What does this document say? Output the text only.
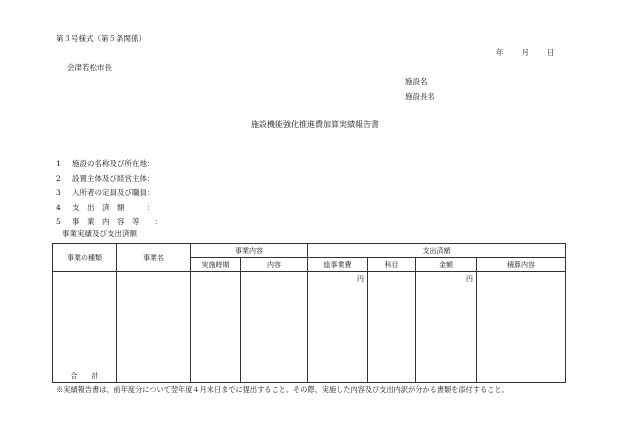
第３号様式（第５条関係）
年 月 日
会津若松市長
施設名
施設長名
施設機能強化推進費加算実績報告書
1	施設の名称及び所在地：
2	設置主体及び経営主体：
3	入所者の定員及び職員：
4	支　出　済　額　　　：
5	事　業　内　容　等　　：
事業実績及び支出済額
事業の種類	事業名	事業内容		支出済額			
		実施時期	内容	総事業費	科目	金額	積算内容

				円		円	

合 計							
※実績報告書は、前年度分について翌年度４月末日までに提出すること。その際、実施した内容及び支出内訳が分かる書類を添付すること。
